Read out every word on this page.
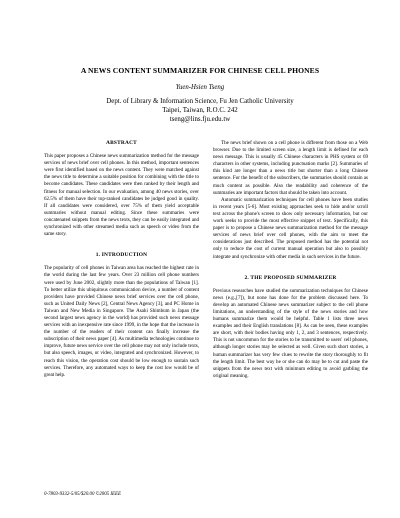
A NEWS CONTENT SUMMARIZER FOR CHINESE CELL PHONES
Yuen-Hsien Tseng
Dept. of Library & Information Science, Fu Jen Catholic University
Taipei, Taiwan, R.O.C. 242
tseng@lins.fju.edu.tw
ABSTRACT

This paper proposes a Chinese news summarization method for the message services of news brief over cell phones. In this method, important sentences were first identified based on the news content. They were matched against the news title to determine a suitable position for combining with the title to become candidates. These candidates were then ranked by their length and fitness for manual selection. In our evaluation, among 40 news stories, over 62.5% of them have their top-ranked candidates be judged good in quality. If all candidates were considered, over 75% of them yield acceptable summaries without manual editing. Since these summaries were concatenated snippets from the news texts, they can be easily integrated and synchronized with other streamed media such as speech or video from the same story.

1. INTRODUCTION

The popularity of cell phones in Taiwan area has reached the highest rate in the world during the last few years. Over 23 million cell phone numbers were used by June 2002, slightly more than the populations of Taiwan [1]. To better utilize this ubiquitous communication device, a number of content providers have provided Chinese news brief services over the cell phone, such as United Daily News [2], Central News Agency [3], and PC Home in Taiwan and New Media in Singapore. The Asahi Shimbum in Japan (the second largest news agency in the world) has provided such news message services with an inexpensive rate since 1999, in the hope that the increase in the number of the readers of their content can finally increase the subscription of their news paper [4]. As multimedia technologies continue to improve, future news service over the cell phone may not only include texts, but also speech, images, or video, integrated and synchronized. However, to reach this vision, the operation cost should be low enough to sustain such services. Therefore, any automated ways to keep the cost low would be of great help.

The news brief shown on a cell phone is different from those on a Web browser. Due to the limited screen size, a length limit is defined for each news message. This is usually 45 Chinese characters in PHS system or 69 characters in other systems, including punctuation marks [2]. Summaries of this kind are longer than a news title but shorter than a long Chinese sentence. For the benefit of the subscribers, the summaries should contain as much content as possible. Also the readability and coherence of the summaries are important factors that should be taken into account.

Automatic summarization techniques for cell phones have been studies in recent years [5-6]. Most existing approaches seek to hide and/or scroll text across the phone's screen to show only necessary information, but our work seeks to provide the most effective snippet of text. Specifically, this paper is to propose a Chinese news summarization method for the message services of news brief over cell phones, with the aim to meet the considerations just described. The proposed method has the potential not only to reduce the cost of current manual operation but also to possibly integrate and synchronize with other media in such services in the future.

2. THE PROPOSED SUMMARIZER

Previous researches have studied the summarization techniques for Chinese news (e.g.,[7]), but none has done for the problem discussed here. To develop an automated Chinese news summarizer subject to the cell phone limitations, an understanding of the style of the news stories and how humans summarize them would be helpful. Table 1 lists three news examples and their English translations [8]. As can be seen, these examples are short, with their bodies having only 1, 2, and 3 sentences, respectively. This is not uncommon for the stories to be transmitted to users' cell phones, although longer stories may be selected as well. Given such short stories, a human summarizer has very few clues to rewrite the story thoroughly to fit the length limit. The best way he or she can do may be to cut and paste the snippets from the news text with minimum editing to avoid garbling the original meaning.

0-7803-9332-5/05/$20.00 ©2005 IEEE
